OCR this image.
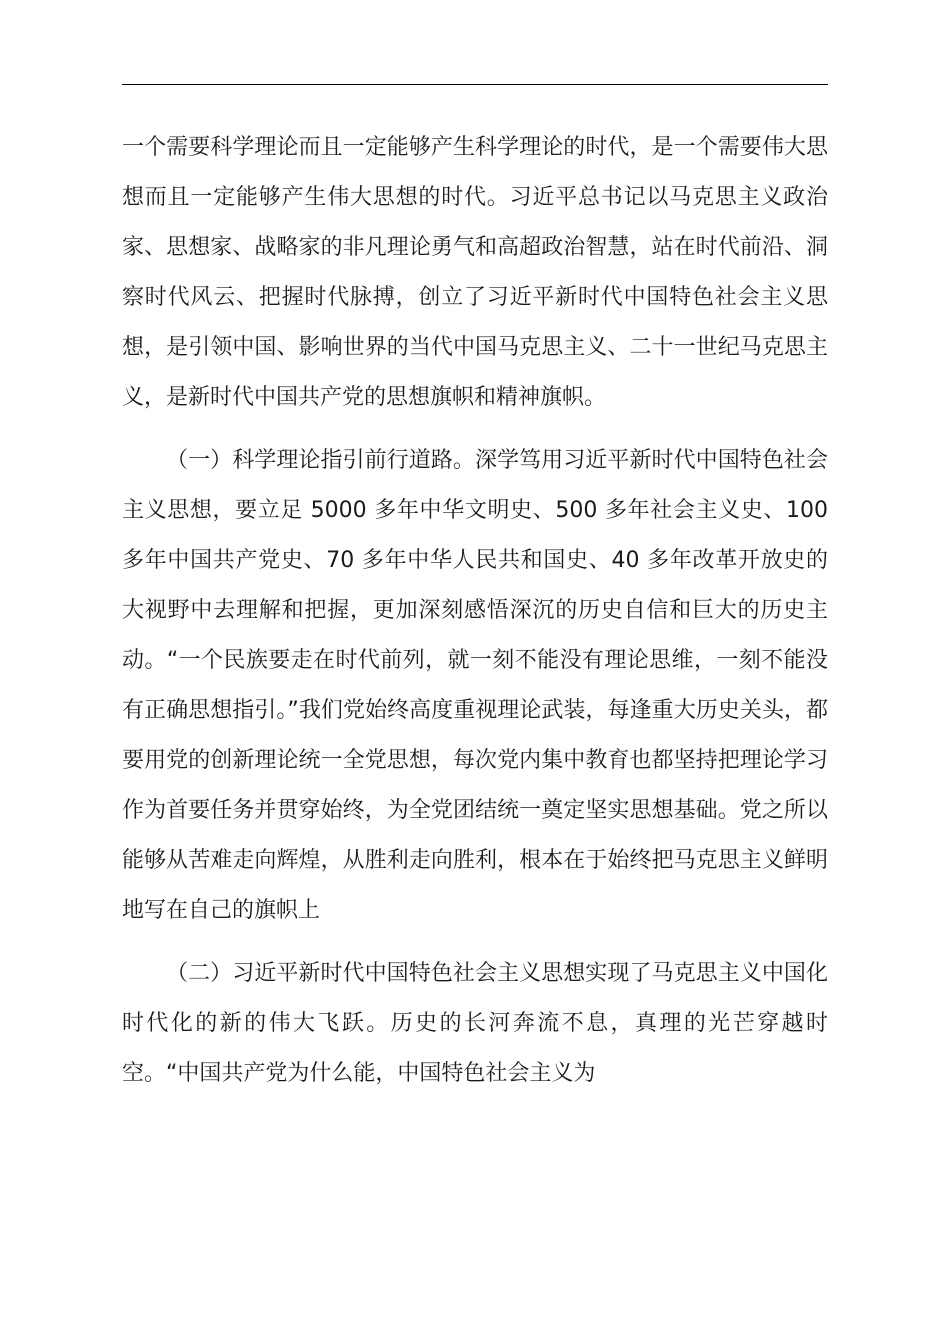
一个需要科学理论而且一定能够产生科学理论的时代，是一个需要伟大思想而且一定能够产生伟大思想的时代。习近平总书记以马克思主义政治家、思想家、战略家的非凡理论勇气和高超政治智慧，站在时代前沿、洞察时代风云、把握时代脉搏，创立了习近平新时代中国特色社会主义思想，是引领中国、影响世界的当代中国马克思主义、二十一世纪马克思主义，是新时代中国共产党的思想旗帜和精神旗帜。

（一）科学理论指引前行道路。深学笃用习近平新时代中国特色社会主义思想，要立足 5000 多年中华文明史、500 多年社会主义史、100 多年中国共产党史、70 多年中华人民共和国史、40 多年改革开放史的大视野中去理解和把握，更加深刻感悟深沉的历史自信和巨大的历史主动。“一个民族要走在时代前列，就一刻不能没有理论思维，一刻不能没有正确思想指引。”我们党始终高度重视理论武装，每逢重大历史关头，都要用党的创新理论统一全党思想，每次党内集中教育也都坚持把理论学习作为首要任务并贯穿始终，为全党团结统一奠定坚实思想基础。党之所以能够从苦难走向辉煌，从胜利走向胜利，根本在于始终把马克思主义鲜明地写在自己的旗帜上

（二）习近平新时代中国特色社会主义思想实现了马克思主义中国化时代化的新的伟大飞跃。历史的长河奔流不息，真理的光芒穿越时空。“中国共产党为什么能，中国特色社会主义为
